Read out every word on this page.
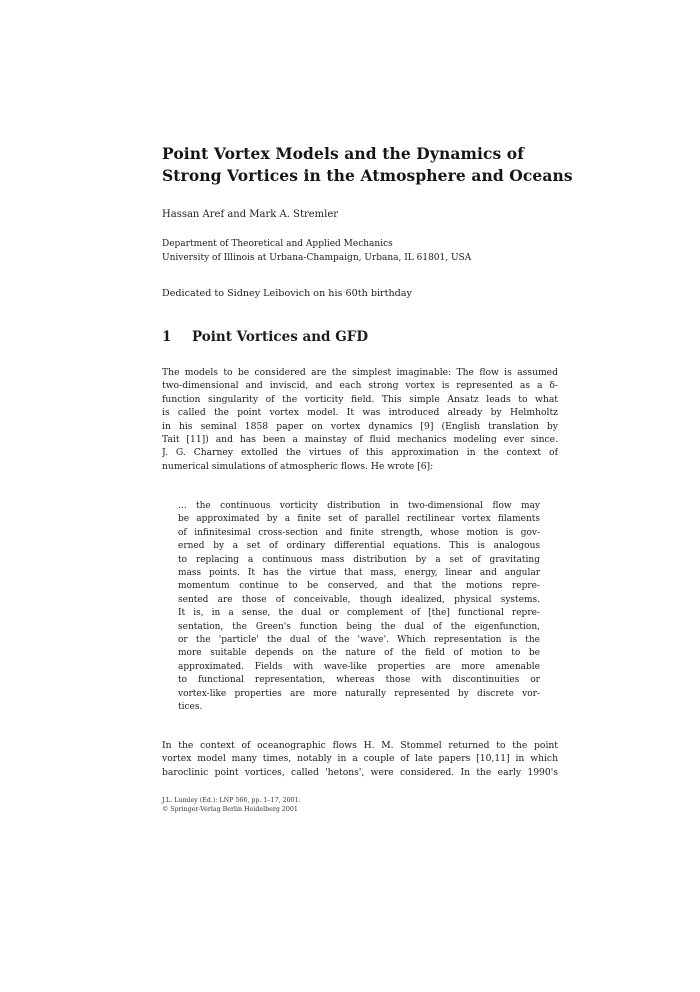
Point Vortex Models and the Dynamics of
Strong Vortices in the Atmosphere and Oceans
Hassan Aref and Mark A. Stremler
Department of Theoretical and Applied Mechanics
University of Illinois at Urbana-Champaign, Urbana, IL 61801, USA
Dedicated to Sidney Leibovich on his 60th birthday
1 Point Vortices and GFD
The models to be considered are the simplest imaginable: The flow is assumed
two-dimensional and inviscid, and each strong vortex is represented as a δ-
function singularity of the vorticity field. This simple Ansatz leads to what
is called the point vortex model. It was introduced already by Helmholtz
in his seminal 1858 paper on vortex dynamics [9] (English translation by
Tait [11]) and has been a mainstay of fluid mechanics modeling ever since.
J. G. Charney extolled the virtues of this approximation in the context of
numerical simulations of atmospheric flows. He wrote [6]:
... the continuous vorticity distribution in two-dimensional flow may
be approximated by a finite set of parallel rectilinear vortex filaments
of infinitesimal cross-section and finite strength, whose motion is gov-
erned by a set of ordinary differential equations. This is analogous
to replacing a continuous mass distribution by a set of gravitating
mass points. It has the virtue that mass, energy, linear and angular
momentum continue to be conserved, and that the motions repre-
sented are those of conceivable, though idealized, physical systems.
It is, in a sense, the dual or complement of [the] functional repre-
sentation, the Green's function being the dual of the eigenfunction,
or the 'particle' the dual of the 'wave'. Which representation is the
more suitable depends on the nature of the field of motion to be
approximated. Fields with wave-like properties are more amenable
to functional representation, whereas those with discontinuities or
vortex-like properties are more naturally represented by discrete vor-
tices.
In the context of oceanographic flows H. M. Stommel returned to the point
vortex model many times, notably in a couple of late papers [10,11] in which
baroclinic point vortices, called 'hetons', were considered. In the early 1990's
J.L. Lumley (Ed.): LNP 566, pp. 1–17, 2001.
© Springer-Verlag Berlin Heidelberg 2001
